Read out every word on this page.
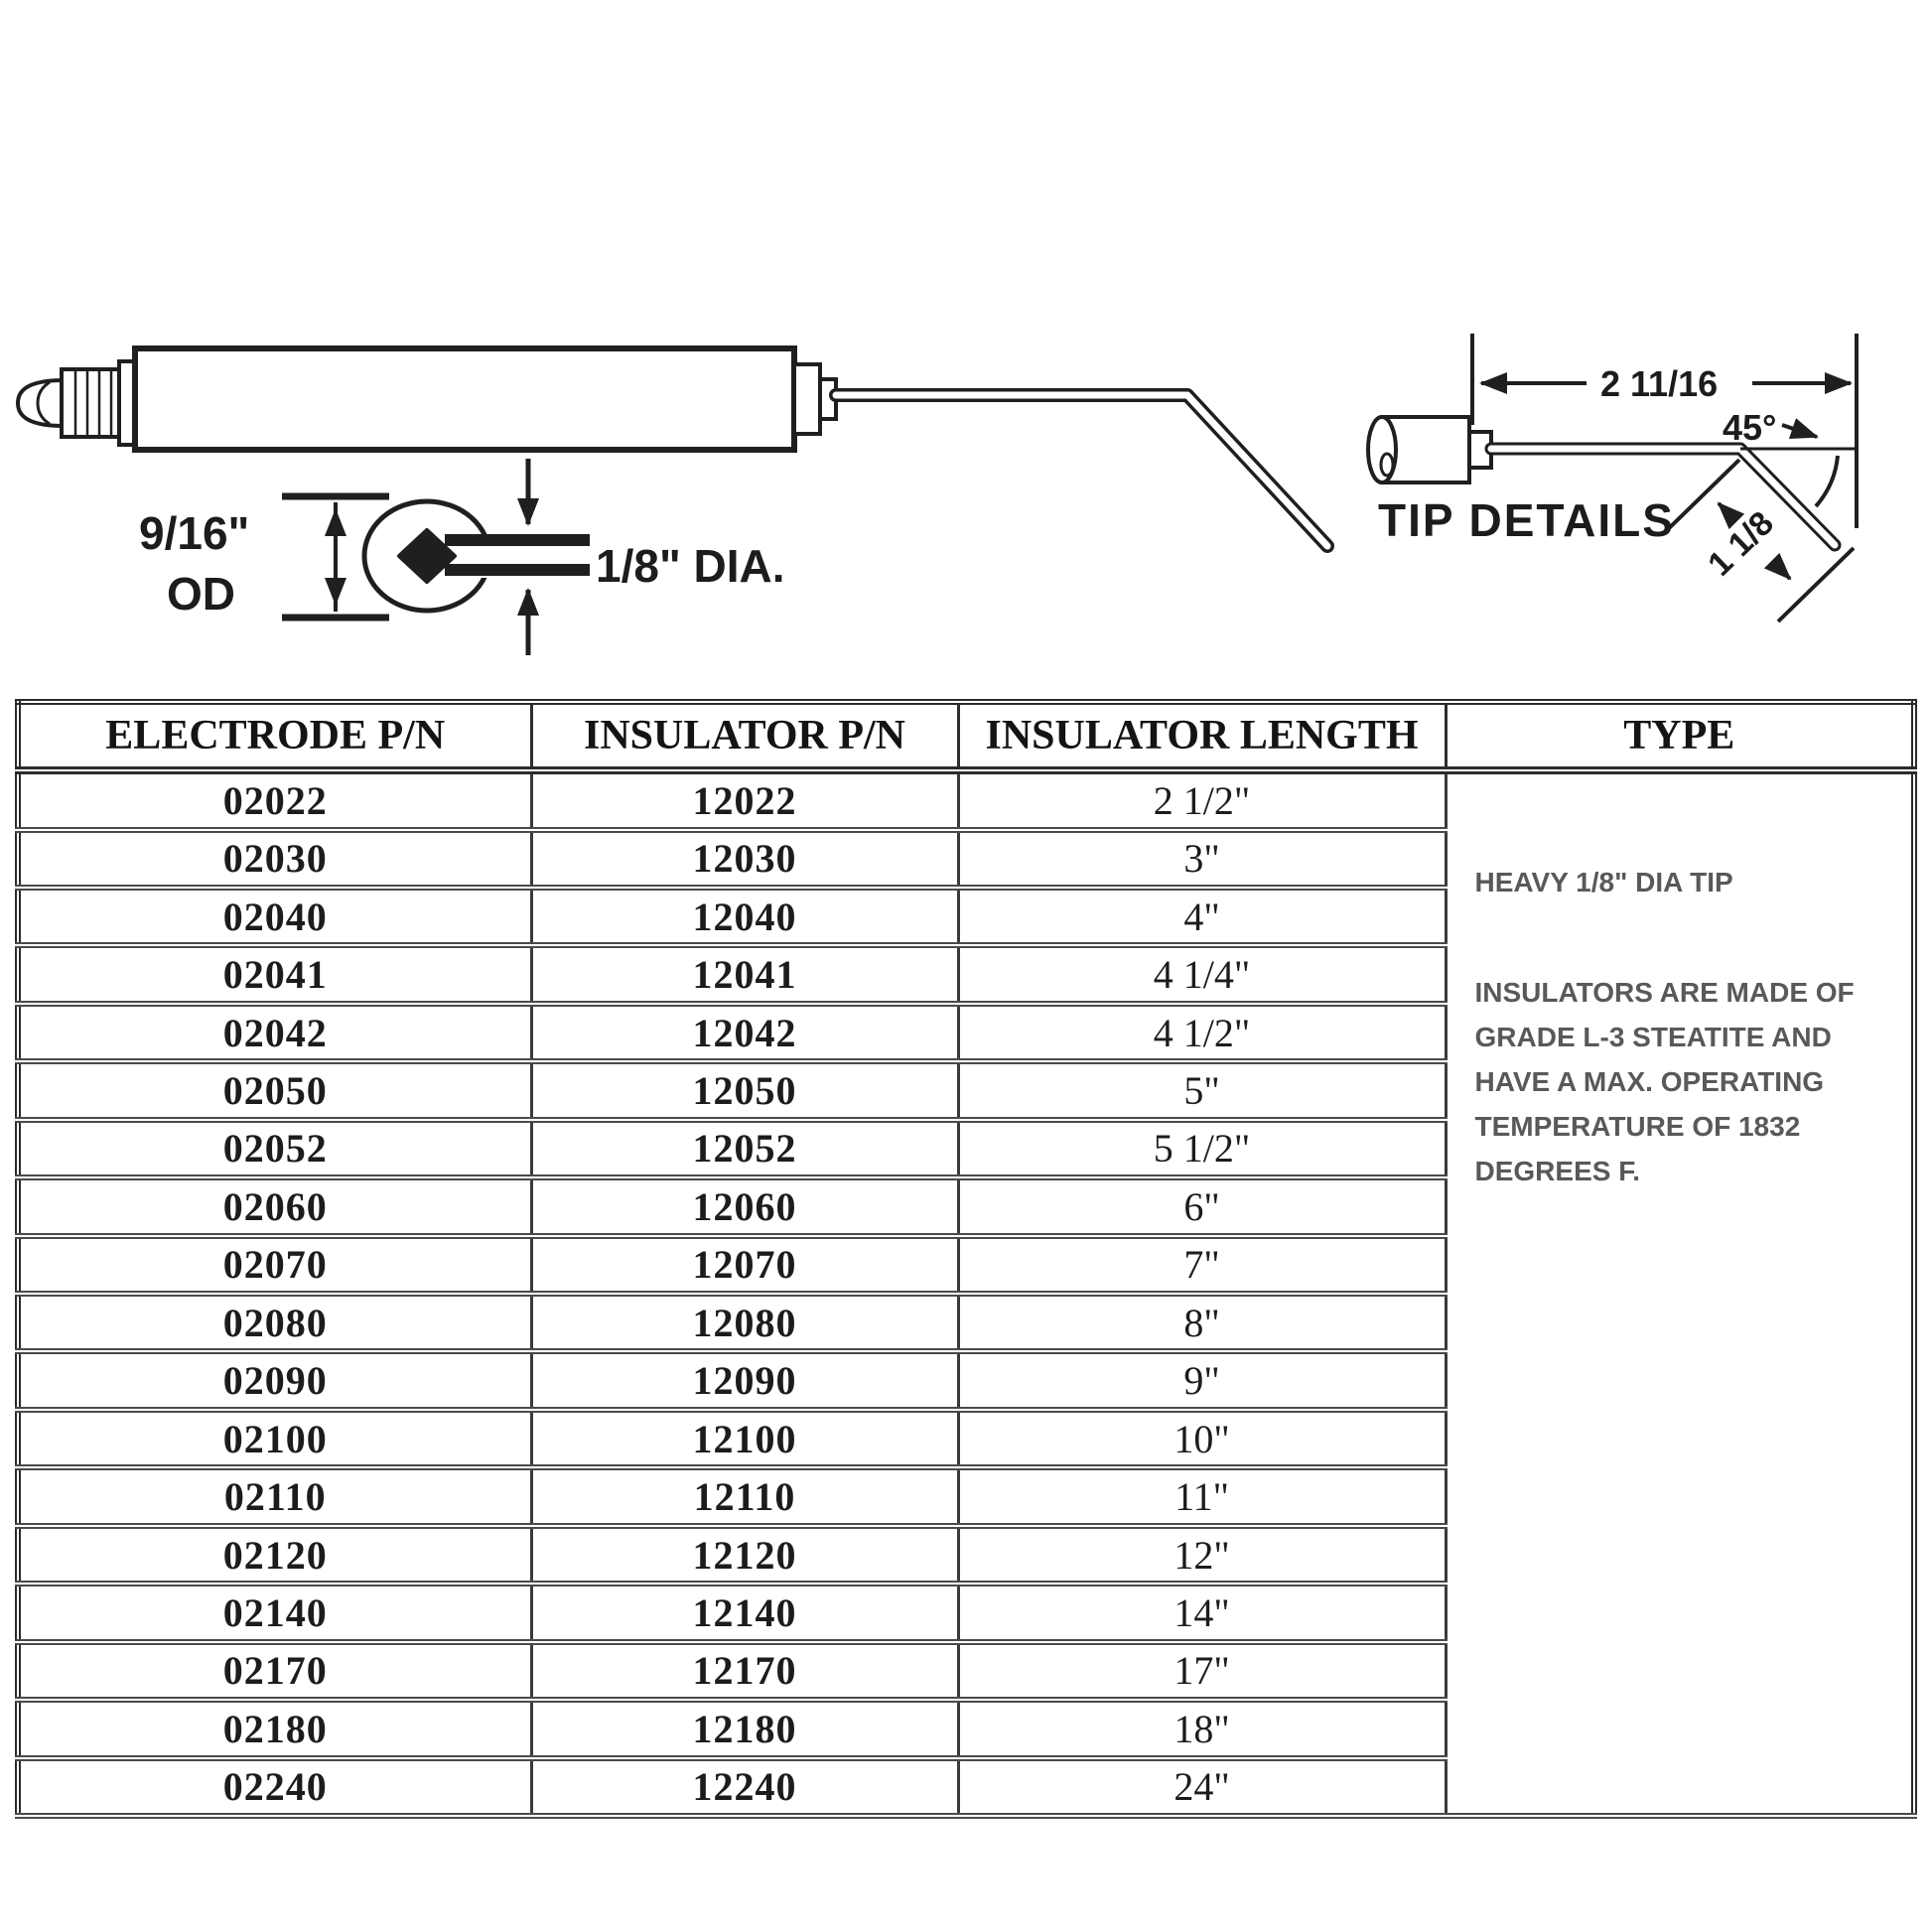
9/16"
OD
1/8" DIA.
2 11/16
45°
1 1/8
TIP DETAILS
ELECTRODE P/N	INSULATOR P/N	INSULATOR LENGTH	TYPE
02022	12022	2 1/2"	HEAVY 1/8" DIA TIP

INSULATORS ARE MADE OF GRADE L-3 STEATITE AND HAVE A MAX. OPERATING TEMPERATURE OF 1832 DEGREES F.

02030	12030	3"	
02040	12040	4"	
02041	12041	4 1/4"	
02042	12042	4 1/2"	
02050	12050	5"	
02052	12052	5 1/2"	
02060	12060	6"	
02070	12070	7"	
02080	12080	8"	
02090	12090	9"	
02100	12100	10"	
02110	12110	11"	
02120	12120	12"	
02140	12140	14"	
02170	12170	17"	
02180	12180	18"	
02240	12240	24"	
